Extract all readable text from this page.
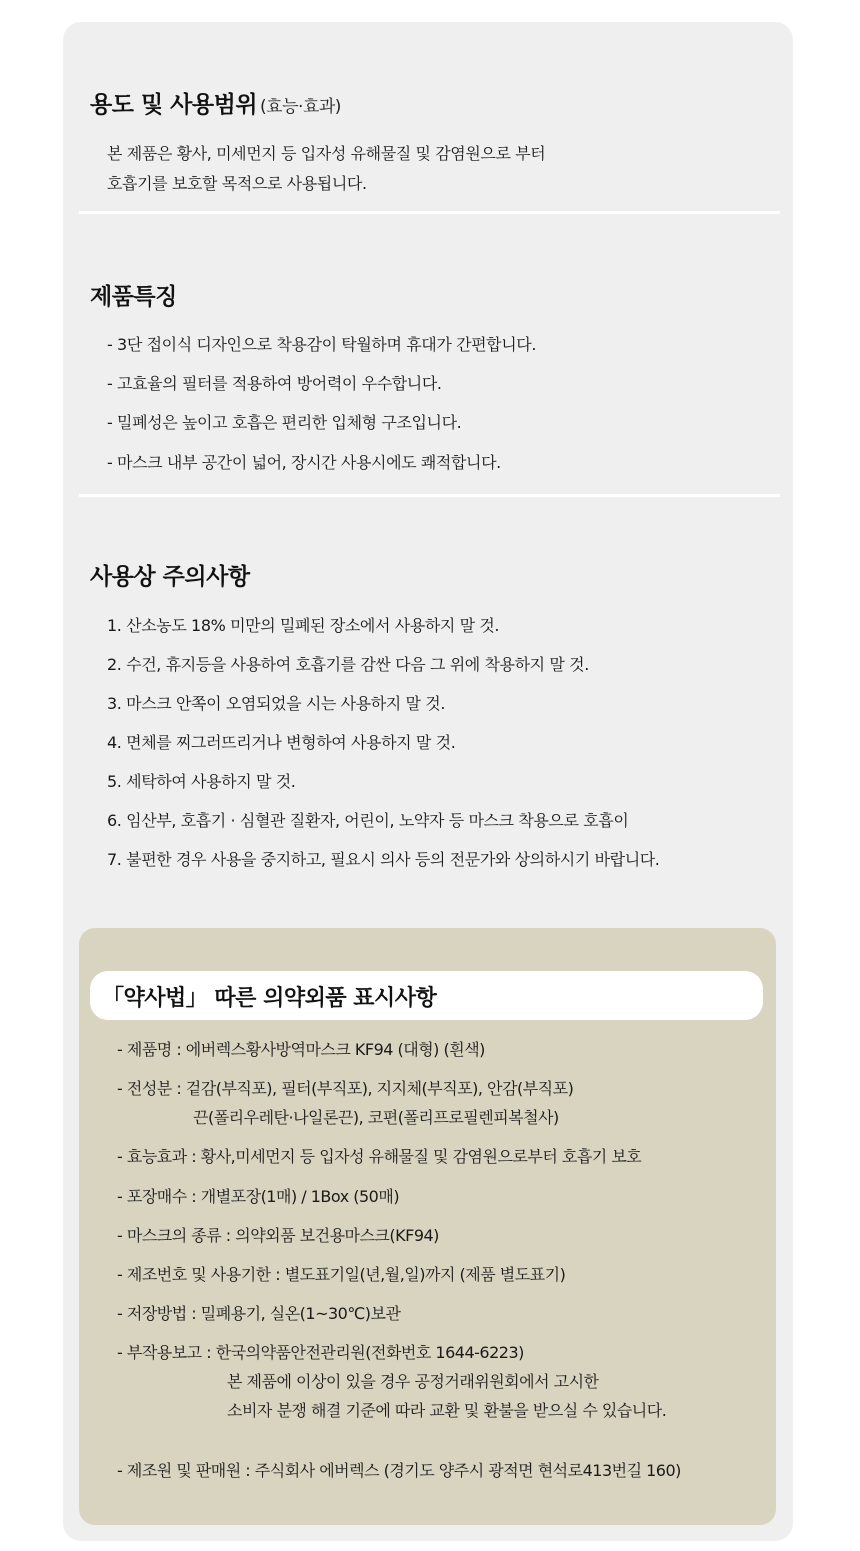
용도 및 사용범위 (효능·효과)
본 제품은 황사, 미세먼지 등 입자성 유해물질 및 감염원으로 부터
호흡기를 보호할 목적으로 사용됩니다.
제품특징
- 3단 접이식 디자인으로 착용감이 탁월하며 휴대가 간편합니다.
- 고효율의 필터를 적용하여 방어력이 우수합니다.
- 밀폐성은 높이고 호흡은 편리한 입체형 구조입니다.
- 마스크 내부 공간이 넓어, 장시간 사용시에도 쾌적합니다.
사용상 주의사항
1. 산소농도 18% 미만의 밀폐된 장소에서 사용하지 말 것.
2. 수건, 휴지등을 사용하여 호흡기를 감싼 다음 그 위에 착용하지 말 것.
3. 마스크 안쪽이 오염되었을 시는 사용하지 말 것.
4. 면체를 찌그러뜨리거나 변형하여 사용하지 말 것.
5. 세탁하여 사용하지 말 것.
6. 임산부, 호흡기 · 심혈관 질환자, 어린이, 노약자 등 마스크 착용으로 호흡이
7. 불편한 경우 사용을 중지하고, 필요시 의사 등의 전문가와 상의하시기 바랍니다.
「약사법」 따른 의약외품 표시사항
- 제품명 : 에버렉스황사방역마스크 KF94 (대형) (흰색)
- 전성분 : 겉감(부직포), 필터(부직포), 지지체(부직포), 안감(부직포)
끈(폴리우레탄·나일론끈), 코편(폴리프로필렌피복철사)
- 효능효과 : 황사,미세먼지 등 입자성 유해물질 및 감염원으로부터 호흡기 보호
- 포장매수 : 개별포장(1매) / 1Box (50매)
- 마스크의 종류 : 의약외품 보건용마스크(KF94)
- 제조번호 및 사용기한 : 별도표기일(년,월,일)까지 (제품 별도표기)
- 저장방법 : 밀폐용기, 실온(1~30℃)보관
- 부작용보고 : 한국의약품안전관리원(전화번호 1644-6223)
본 제품에 이상이 있을 경우 공정거래위원회에서 고시한
소비자 분쟁 해결 기준에 따라 교환 및 환불을 받으실 수 있습니다.
- 제조원 및 판매원 : 주식회사 에버렉스 (경기도 양주시 광적면 현석로413번길 160)
